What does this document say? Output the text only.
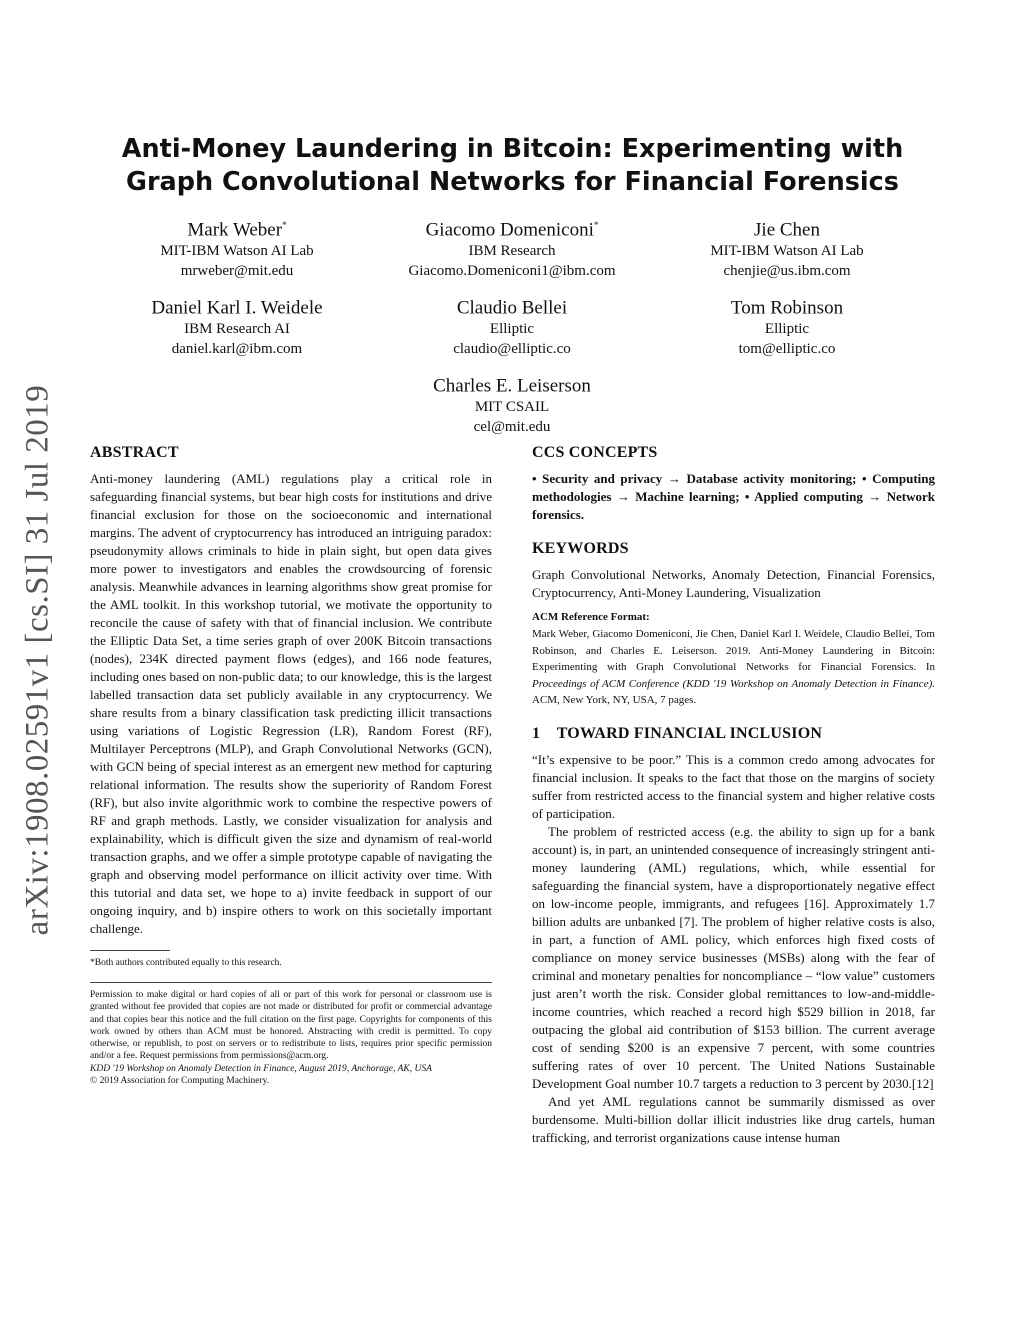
arXiv:1908.02591v1 [cs.SI] 31 Jul 2019
Anti-Money Laundering in Bitcoin: Experimenting with Graph Convolutional Networks for Financial Forensics
Mark Weber*
MIT-IBM Watson AI Lab
mrweber@mit.edu
Giacomo Domeniconi*
IBM Research
Giacomo.Domeniconi1@ibm.com
Jie Chen
MIT-IBM Watson AI Lab
chenjie@us.ibm.com
Daniel Karl I. Weidele
IBM Research AI
daniel.karl@ibm.com
Claudio Bellei
Elliptic
claudio@elliptic.co
Tom Robinson
Elliptic
tom@elliptic.co
Charles E. Leiserson
MIT CSAIL
cel@mit.edu
ABSTRACT

Anti-money laundering (AML) regulations play a critical role in safeguarding financial systems, but bear high costs for institutions and drive financial exclusion for those on the socioeconomic and international margins. The advent of cryptocurrency has introduced an intriguing paradox: pseudonymity allows criminals to hide in plain sight, but open data gives more power to investigators and enables the crowdsourcing of forensic analysis. Meanwhile advances in learning algorithms show great promise for the AML toolkit. In this workshop tutorial, we motivate the opportunity to reconcile the cause of safety with that of financial inclusion. We contribute the Elliptic Data Set, a time series graph of over 200K Bitcoin transactions (nodes), 234K directed payment flows (edges), and 166 node features, including ones based on non-public data; to our knowledge, this is the largest labelled transaction data set publicly available in any cryptocurrency. We share results from a binary classification task predicting illicit transactions using variations of Logistic Regression (LR), Random Forest (RF), Multilayer Perceptrons (MLP), and Graph Convolutional Networks (GCN), with GCN being of special interest as an emergent new method for capturing relational information. The results show the superiority of Random Forest (RF), but also invite algorithmic work to combine the respective powers of RF and graph methods. Lastly, we consider visualization for analysis and explainability, which is difficult given the size and dynamism of real-world transaction graphs, and we offer a simple prototype capable of navigating the graph and observing model performance on illicit activity over time. With this tutorial and data set, we hope to a) invite feedback in support of our ongoing inquiry, and b) inspire others to work on this societally important challenge.

*Both authors contributed equally to this research.
Permission to make digital or hard copies of all or part of this work for personal or classroom use is granted without fee provided that copies are not made or distributed for profit or commercial advantage and that copies bear this notice and the full citation on the first page. Copyrights for components of this work owned by others than ACM must be honored. Abstracting with credit is permitted. To copy otherwise, or republish, to post on servers or to redistribute to lists, requires prior specific permission and/or a fee. Request permissions from permissions@acm.org.
KDD '19 Workshop on Anomaly Detection in Finance, August 2019, Anchorage, AK, USA
© 2019 Association for Computing Machinery.
CCS CONCEPTS

• Security and privacy → Database activity monitoring; • Computing methodologies → Machine learning; • Applied computing → Network forensics.

KEYWORDS

Graph Convolutional Networks, Anomaly Detection, Financial Forensics, Cryptocurrency, Anti-Money Laundering, Visualization

ACM Reference Format:

Mark Weber, Giacomo Domeniconi, Jie Chen, Daniel Karl I. Weidele, Claudio Bellei, Tom Robinson, and Charles E. Leiserson. 2019. Anti-Money Laundering in Bitcoin: Experimenting with Graph Convolutional Networks for Financial Forensics. In Proceedings of ACM Conference (KDD '19 Workshop on Anomaly Detection in Finance). ACM, New York, NY, USA, 7 pages.

1    TOWARD FINANCIAL INCLUSION

“It’s expensive to be poor.” This is a common credo among advocates for financial inclusion. It speaks to the fact that those on the margins of society suffer from restricted access to the financial system and higher relative costs of participation.

The problem of restricted access (e.g. the ability to sign up for a bank account) is, in part, an unintended consequence of increasingly stringent anti-money laundering (AML) regulations, which, while essential for safeguarding the financial system, have a disproportionately negative effect on low-income people, immigrants, and refugees [16]. Approximately 1.7 billion adults are unbanked [7]. The problem of higher relative costs is also, in part, a function of AML policy, which enforces high fixed costs of compliance on money service businesses (MSBs) along with the fear of criminal and monetary penalties for noncompliance – “low value” customers just aren’t worth the risk. Consider global remittances to low-and-middle-income countries, which reached a record high $529 billion in 2018, far outpacing the global aid contribution of $153 billion. The current average cost of sending $200 is an expensive 7 percent, with some countries suffering rates of over 10 percent. The United Nations Sustainable Development Goal number 10.7 targets a reduction to 3 percent by 2030.[12]

And yet AML regulations cannot be summarily dismissed as over burdensome. Multi-billion dollar illicit industries like drug cartels, human trafficking, and terrorist organizations cause intense human
